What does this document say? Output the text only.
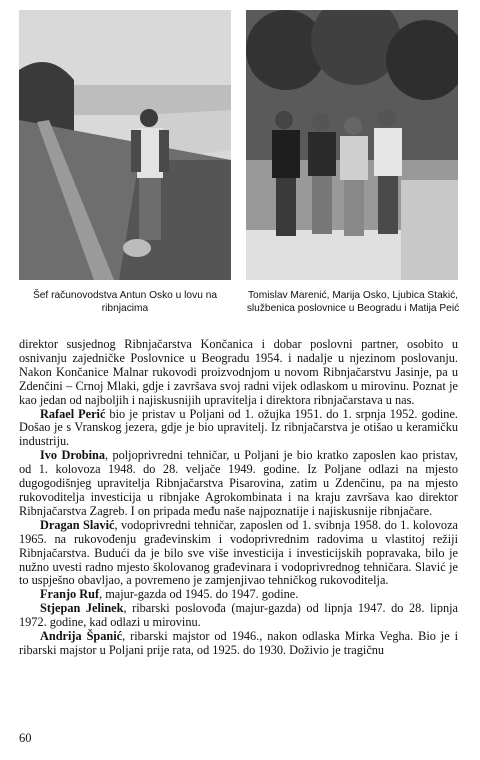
Šef računovodstva Antun Osko u lovu na ribnjacima
Tomislav Marenić, Marija Osko, Ljubica Stakić, službenica poslovnice u Beogradu i Matija Peić

direktor susjednog Ribnjačarstva Končanica i dobar poslovni partner, osobito u osnivanju zajedničke Poslovnice u Beogradu 1954. i nadalje u njezinom poslovanju. Nakon Končanice Malnar rukovodi proizvodnjom u novom Ribnjačarstvu Jasinje, pa u Zdenčini – Crnoj Mlaki, gdje i završava svoj radni vijek odlaskom u mirovinu. Poznat je kao jedan od najboljih i najiskusnijih upravitelja i direktora ribnjačarstava u nas.

Rafael Perić bio je pristav u Poljani od 1. ožujka 1951. do 1. srpnja 1952. godine. Došao je s Vranskog jezera, gdje je bio upravitelj. Iz ribnjačarstva je otišao u keramičku industriju.

Ivo Drobina, poljoprivredni tehničar, u Poljani je bio kratko zaposlen kao pristav, od 1. kolovoza 1948. do 28. veljače 1949. godine. Iz Poljane odlazi na mjesto dugogodišnjeg upravitelja Ribnjačarstva Pisarovina, zatim u Zdenčinu, pa na mjesto rukovoditelja investicija u ribnjake Agrokombinata i na kraju završava kao direktor Ribnjačarstva Zagreb. I on pripada među naše najpoznatije i najiskusnije ribnjačare.

Dragan Slavić, vodoprivredni tehničar, zaposlen od 1. svibnja 1958. do 1. kolovoza 1965. na rukovođenju građevinskim i vodoprivrednim radovima u vlastitoj režiji Ribnjačarstva. Budući da je bilo sve više investicija i investicijskih popravaka, bilo je nužno uvesti radno mjesto školovanog građevinara i vodoprivrednog tehničara. Slavić je to uspješno obavljao, a povremeno je zamjenjivao tehničkog rukovoditelja.

Franjo Ruf, majur-gazda od 1945. do 1947. godine.

Stjepan Jelinek, ribarski poslovođa (majur-gazda) od lipnja 1947. do 28. lipnja 1972. godine, kad odlazi u mirovinu.

Andrija Španić, ribarski majstor od 1946., nakon odlaska Mirka Vegha. Bio je i ribarski majstor u Poljani prije rata, od 1925. do 1930. Doživio je tragičnu

60
